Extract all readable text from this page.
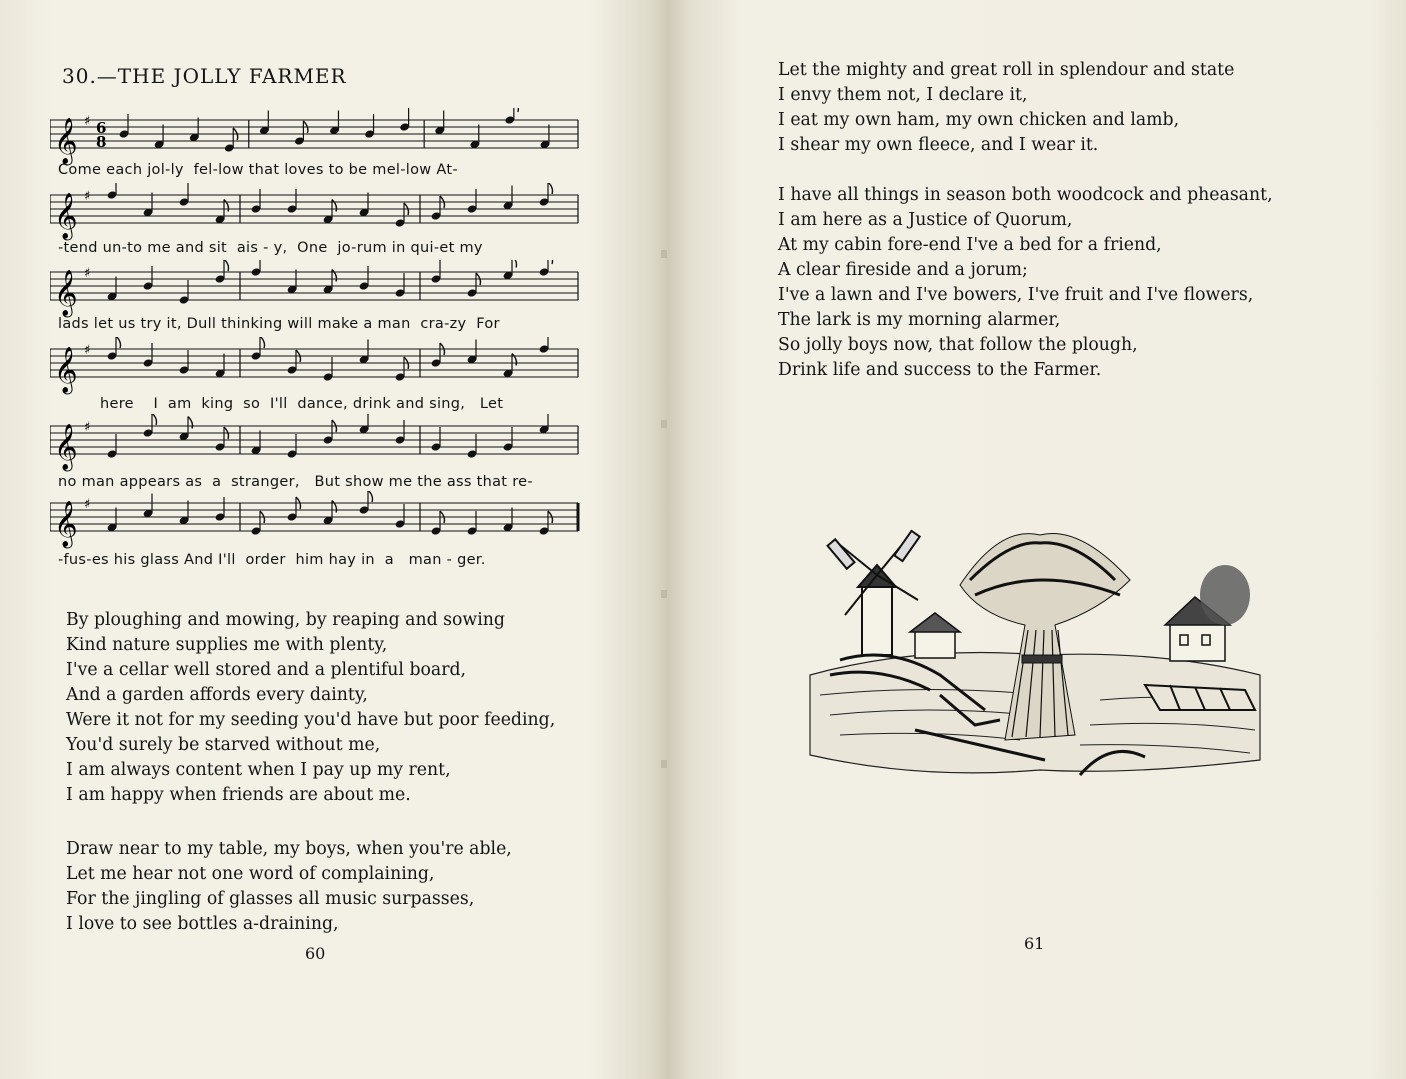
30.—THE JOLLY FARMER
𝄞 ♯ 6
8
Come each jol-ly  fel-low that loves to be mel-low At-
𝄞 ♯
-tend un-to me and sit  ais - y,  One  jo-rum in qui-et my
𝄞 ♯
lads let us try it, Dull thinking will make a man  cra-zy  For
𝄞 ♯
here    I  am  king  so  I'll  dance, drink and sing,   Let
𝄞 ♯
no man appears as  a  stranger,   But show me the ass that re-
𝄞 ♯
-fus-es his glass And I'll  order  him hay in  a   man - ger.
By ploughing and mowing, by reaping and sowing
Kind nature supplies me with plenty,
I've a cellar well stored and a plentiful board,
And a garden affords every dainty,
Were it not for my seeding you'd have but poor feeding,
You'd surely be starved without me,
I am always content when I pay up my rent,
I am happy when friends are about me.
Draw near to my table, my boys, when you're able,
Let me hear not one word of complaining,
For the jingling of glasses all music surpasses,
I love to see bottles a-draining,
60
Let the mighty and great roll in splendour and state
I envy them not, I declare it,
I eat my own ham, my own chicken and lamb,
I shear my own fleece, and I wear it.
I have all things in season both woodcock and pheasant,
I am here as a Justice of Quorum,
At my cabin fore-end I've a bed for a friend,
A clear fireside and a jorum;
I've a lawn and I've bowers, I've fruit and I've flowers,
The lark is my morning alarmer,
So jolly boys now, that follow the plough,
Drink life and success to the Farmer.
61
